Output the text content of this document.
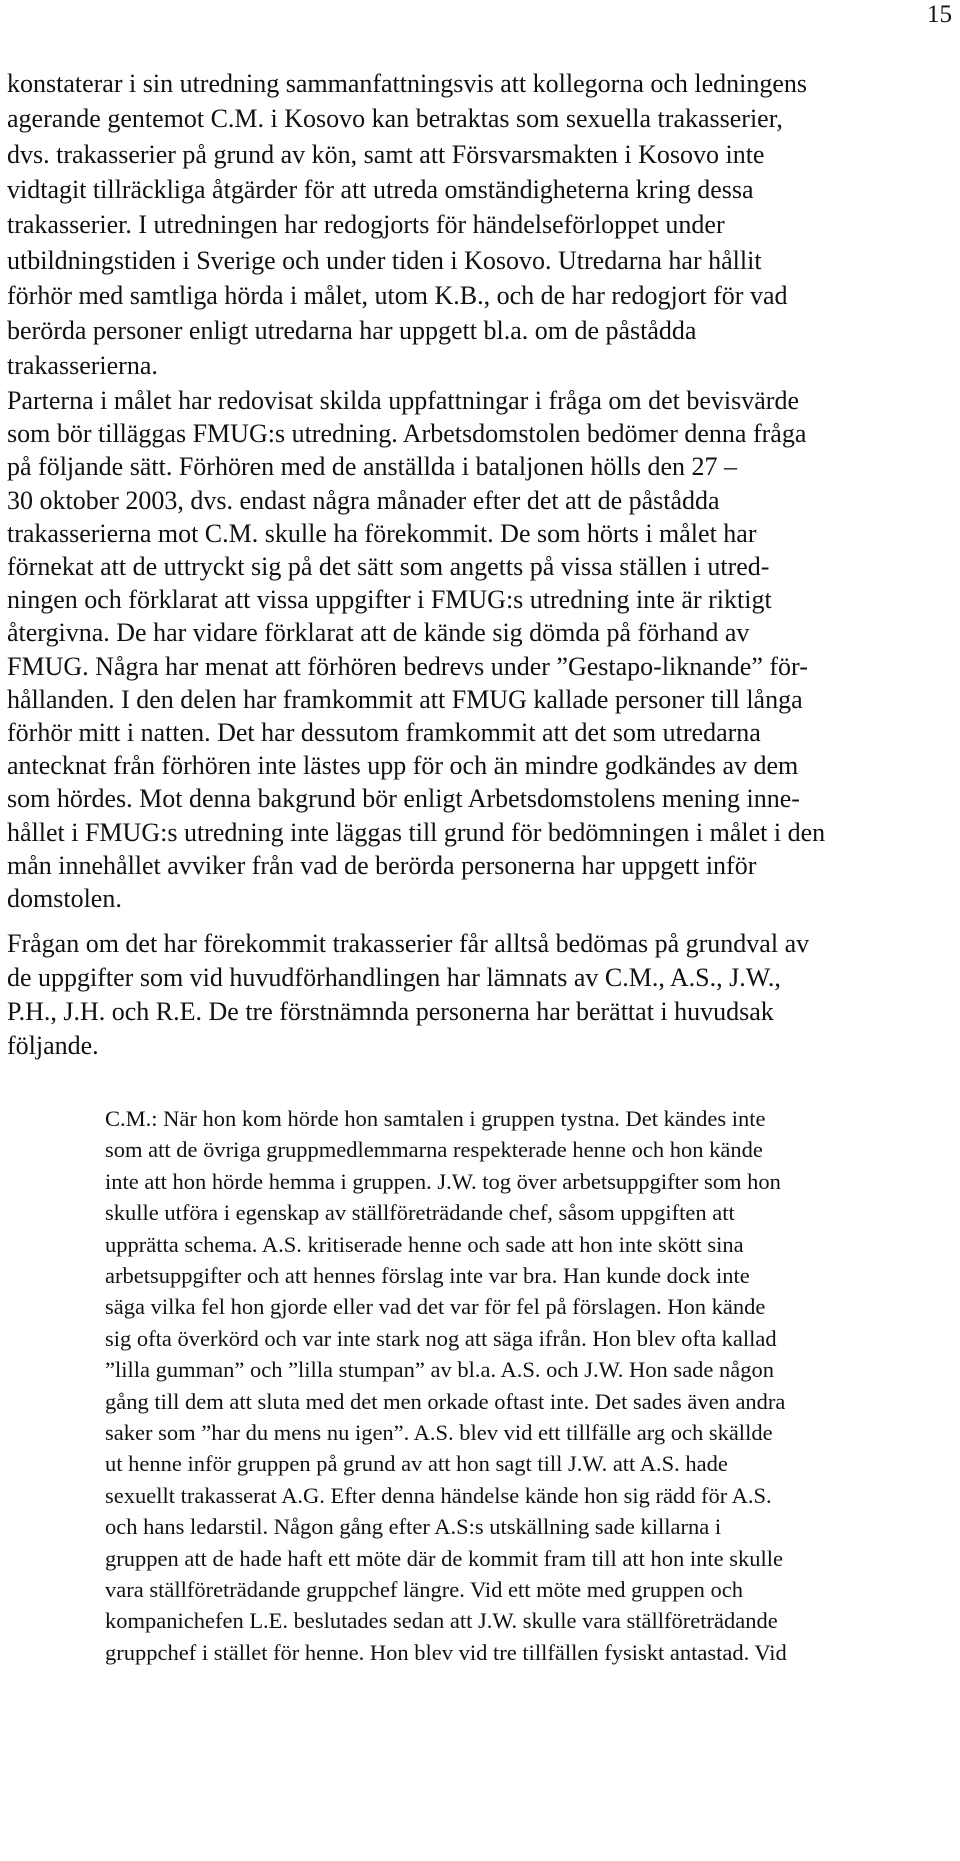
15
konstaterar i sin utredning sammanfattningsvis att kollegorna och ledningens
agerande gentemot C.M. i Kosovo kan betraktas som sexuella trakasserier,
dvs. trakasserier på grund av kön, samt att Försvarsmakten i Kosovo inte
vidtagit tillräckliga åtgärder för att utreda omständigheterna kring dessa
trakasserier. I utredningen har redogjorts för händelseförloppet under
utbildningstiden i Sverige och under tiden i Kosovo. Utredarna har hållit
förhör med samtliga hörda i målet, utom K.B., och de har redogjort för vad
berörda personer enligt utredarna har uppgett bl.a. om de påstådda
trakasserierna.
Parterna i målet har redovisat skilda uppfattningar i fråga om det bevisvärde
som bör tilläggas FMUG:s utredning. Arbetsdomstolen bedömer denna fråga
på följande sätt. Förhören med de anställda i bataljonen hölls den 27 –
30 oktober 2003, dvs. endast några månader efter det att de påstådda
trakasserierna mot C.M. skulle ha förekommit. De som hörts i målet har
förnekat att de uttryckt sig på det sätt som angetts på vissa ställen i utred-
ningen och förklarat att vissa uppgifter i FMUG:s utredning inte är riktigt
återgivna. De har vidare förklarat att de kände sig dömda på förhand av
FMUG. Några har menat att förhören bedrevs under ”Gestapo-liknande” för-
hållanden. I den delen har framkommit att FMUG kallade personer till långa
förhör mitt i natten. Det har dessutom framkommit att det som utredarna
antecknat från förhören inte lästes upp för och än mindre godkändes av dem
som hördes. Mot denna bakgrund bör enligt Arbetsdomstolens mening inne-
hållet i FMUG:s utredning inte läggas till grund för bedömningen i målet i den
mån innehållet avviker från vad de berörda personerna har uppgett inför
domstolen.
Frågan om det har förekommit trakasserier får alltså bedömas på grundval av
de uppgifter som vid huvudförhandlingen har lämnats av C.M., A.S., J.W.,
P.H., J.H. och R.E. De tre förstnämnda personerna har berättat i huvudsak
följande.
C.M.: När hon kom hörde hon samtalen i gruppen tystna. Det kändes inte
som att de övriga gruppmedlemmarna respekterade henne och hon kände
inte att hon hörde hemma i gruppen. J.W. tog över arbetsuppgifter som hon
skulle utföra i egenskap av ställföreträdande chef, såsom uppgiften att
upprätta schema. A.S. kritiserade henne och sade att hon inte skött sina
arbetsuppgifter och att hennes förslag inte var bra. Han kunde dock inte
säga vilka fel hon gjorde eller vad det var för fel på förslagen. Hon kände
sig ofta överkörd och var inte stark nog att säga ifrån. Hon blev ofta kallad
”lilla gumman” och ”lilla stumpan” av bl.a. A.S. och J.W. Hon sade någon
gång till dem att sluta med det men orkade oftast inte. Det sades även andra
saker som ”har du mens nu igen”. A.S. blev vid ett tillfälle arg och skällde
ut henne inför gruppen på grund av att hon sagt till J.W. att A.S. hade
sexuellt trakasserat A.G. Efter denna händelse kände hon sig rädd för A.S.
och hans ledarstil. Någon gång efter A.S:s utskällning sade killarna i
gruppen att de hade haft ett möte där de kommit fram till att hon inte skulle
vara ställföreträdande gruppchef längre. Vid ett möte med gruppen och
kompanichefen L.E. beslutades sedan att J.W. skulle vara ställföreträdande
gruppchef i stället för henne. Hon blev vid tre tillfällen fysiskt antastad. Vid
